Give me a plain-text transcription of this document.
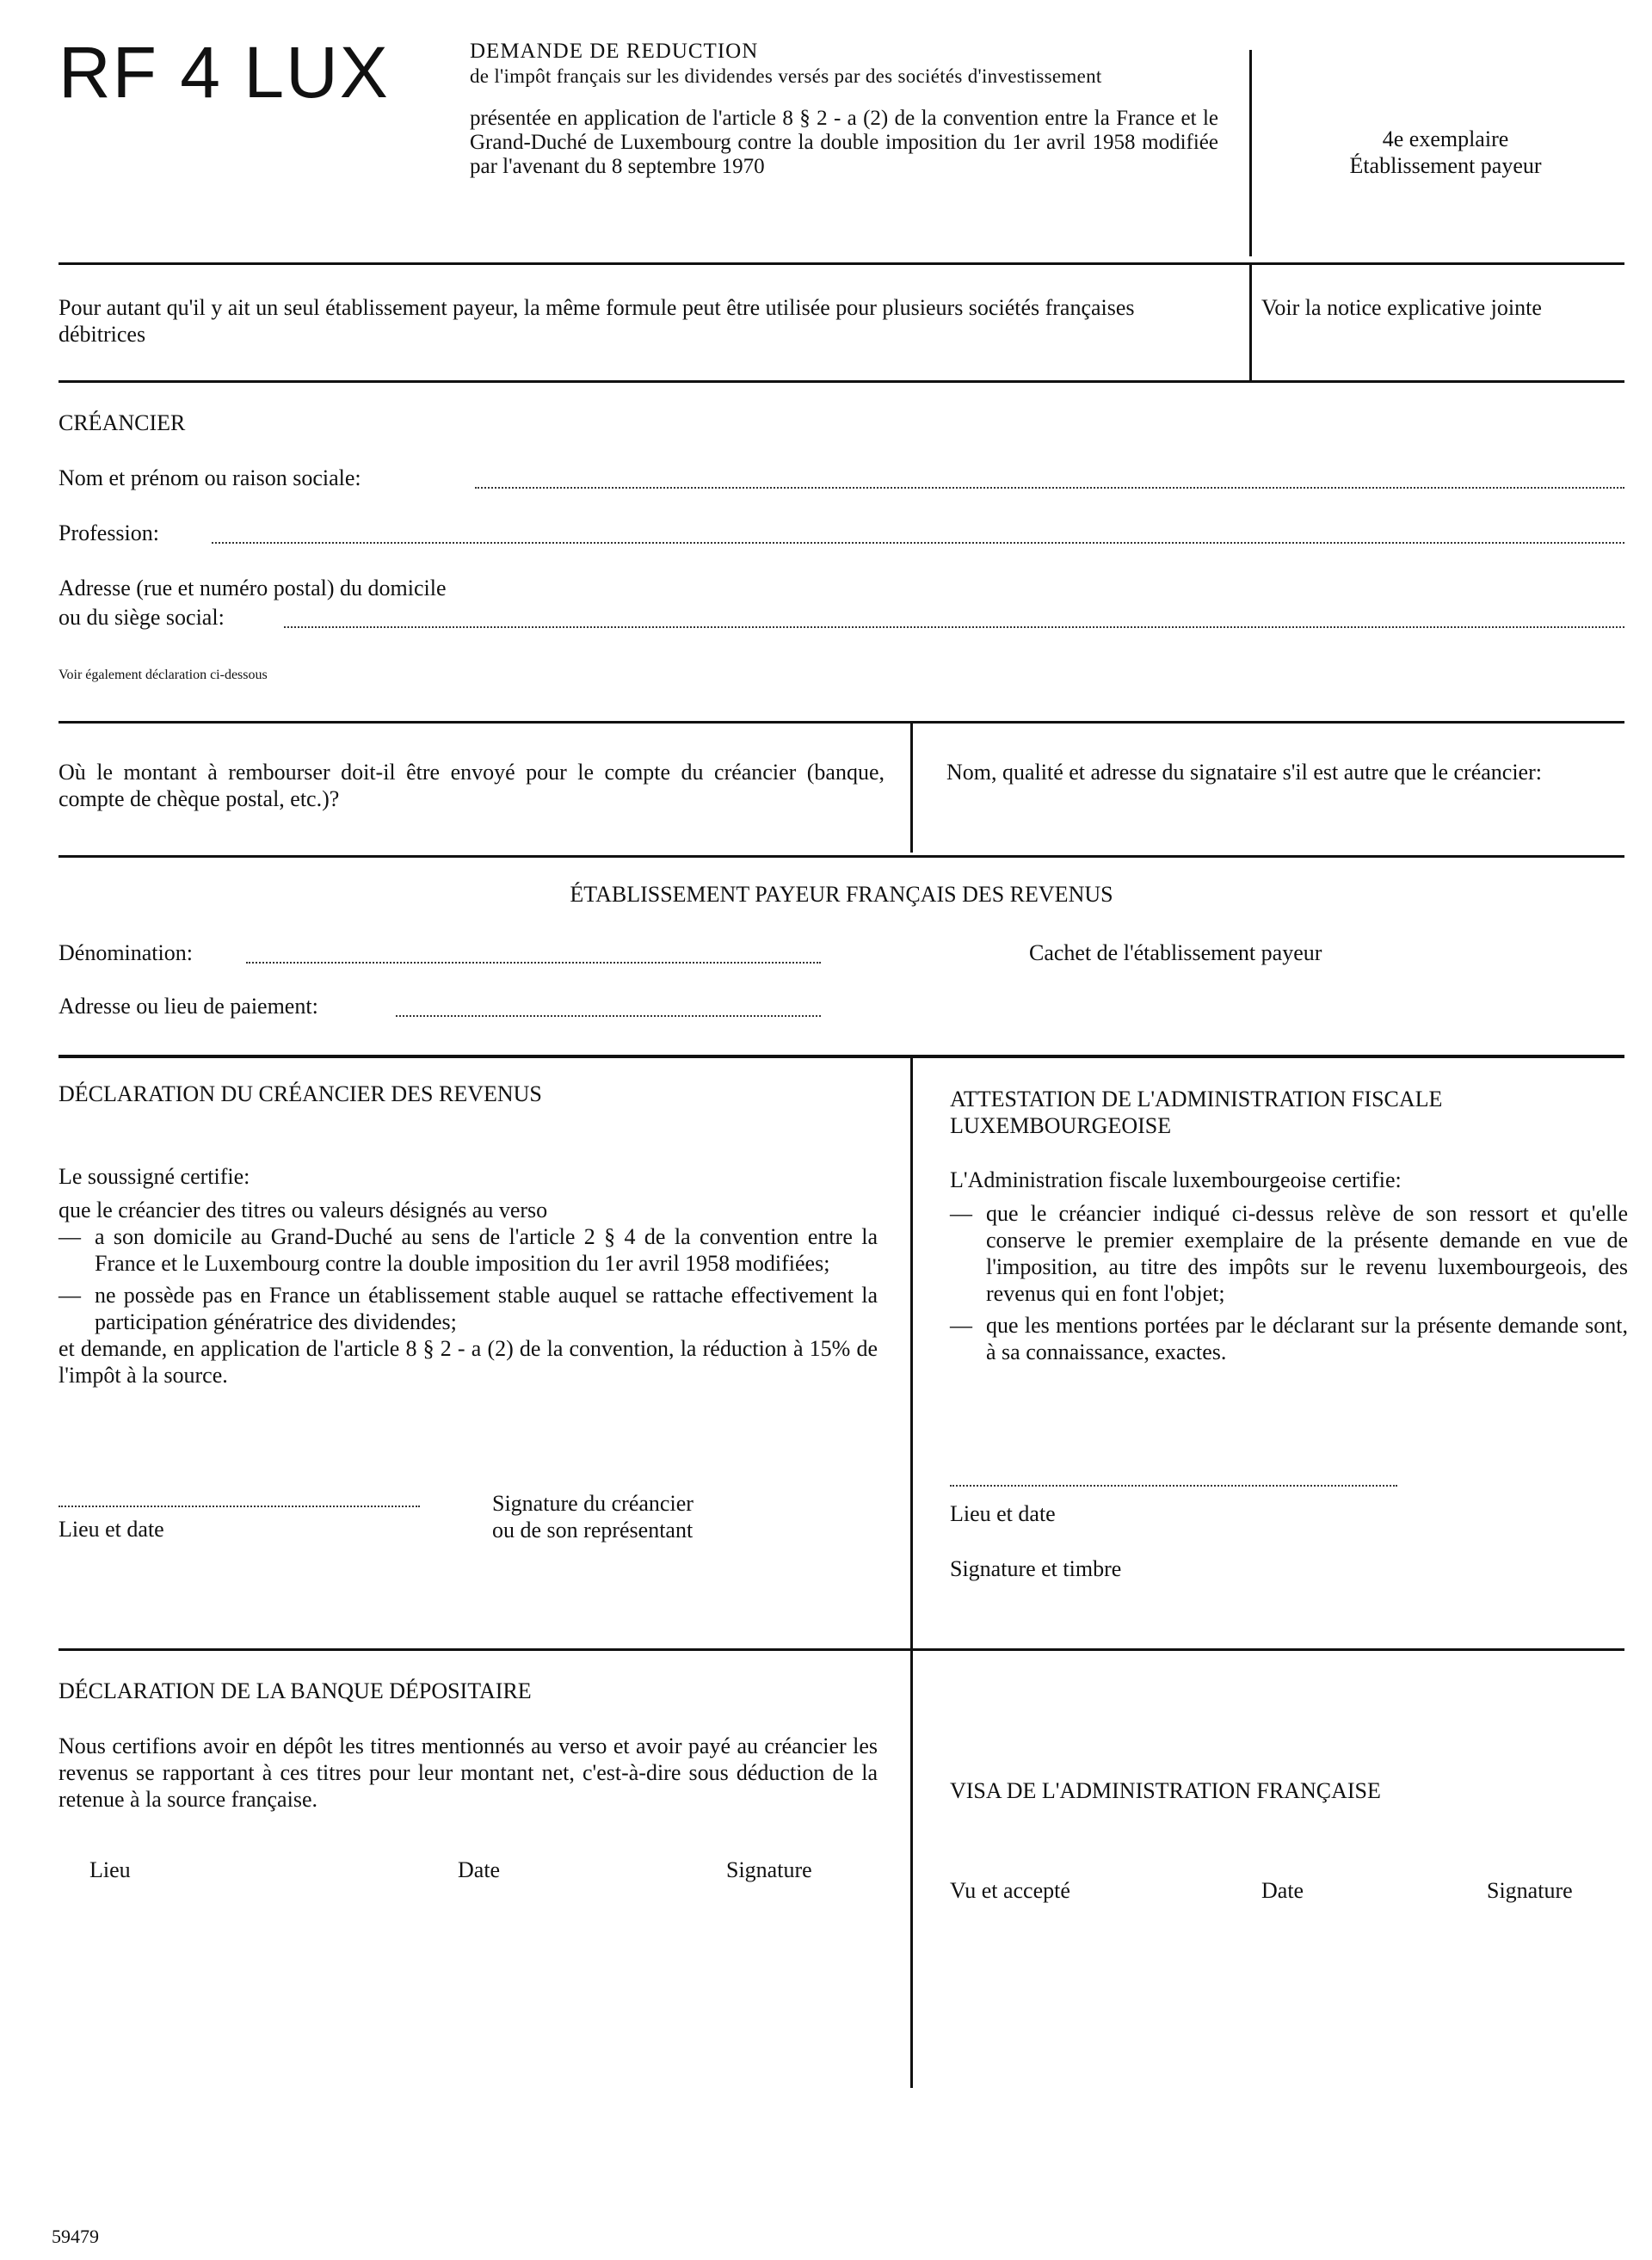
RF 4 LUX	DEMANDE DE REDUCTION

de l'impôt français sur les dividendes versés par des sociétés d'investissement

présentée en application de l'article 8 § 2 - a (2) de la convention entre la France et le Grand-Duché de Luxembourg contre la double imposition du 1er avril 1958 modifiée par l'avenant du 8 septembre 1970

4e exemplaire

Établissement payeur

Pour autant qu'il y ait un seul établissement payeur, la même formule peut être utilisée pour plusieurs sociétés françaises débitrices
Voir la notice explicative jointe
CRÉANCIER
Nom et prénom ou raison sociale:
Profession:
Adresse (rue et numéro postal) du domicile
ou du siège social:
Voir également déclaration ci-dessous
Où le montant à rembourser doit-il être envoyé pour le compte du créancier (banque, compte de chèque postal, etc.)?
Nom, qualité et adresse du signataire s'il est autre que le créancier:
ÉTABLISSEMENT PAYEUR FRANÇAIS DES REVENUS
Dénomination:	Cachet de l'établissement payeur
Adresse ou lieu de paiement:
DÉCLARATION DU CRÉANCIER DES REVENUS

Le soussigné certifie:

que le créancier des titres ou valeurs désignés au verso

— a son domicile au Grand-Duché au sens de l'article 2 § 4 de la convention entre la France et le Luxembourg contre la double imposition du 1er avril 1958 modifiées;
— ne possède pas en France un établissement stable auquel se rattache effectivement la participation génératrice des dividendes;

et demande, en application de l'article 8 § 2 - a (2) de la convention, la réduction à 15% de l'impôt à la source.

Lieu et date

Signature du créancier

ou de son représentant

ATTESTATION DE L'ADMINISTRATION FISCALE

LUXEMBOURGEOISE

L'Administration fiscale luxembourgeoise certifie:

— que le créancier indiqué ci-dessus relève de son ressort et qu'elle conserve le premier exemplaire de la présente demande en vue de l'imposition, au titre des impôts sur le revenu luxembourgeois, des revenus qui en font l'objet;
— que les mentions portées par le déclarant sur la présente demande sont, à sa connaissance, exactes.
Lieu et date
Signature et timbre
DÉCLARATION DE LA BANQUE DÉPOSITAIRE
Nous certifions avoir en dépôt les titres mentionnés au verso et avoir payé au créancier les revenus se rapportant à ces titres pour leur montant net, c'est-à-dire sous déduction de la retenue à la source française.
Lieu	Date	Signature
VISA DE L'ADMINISTRATION FRANÇAISE
Vu et accepté	Date	Signature
59479
